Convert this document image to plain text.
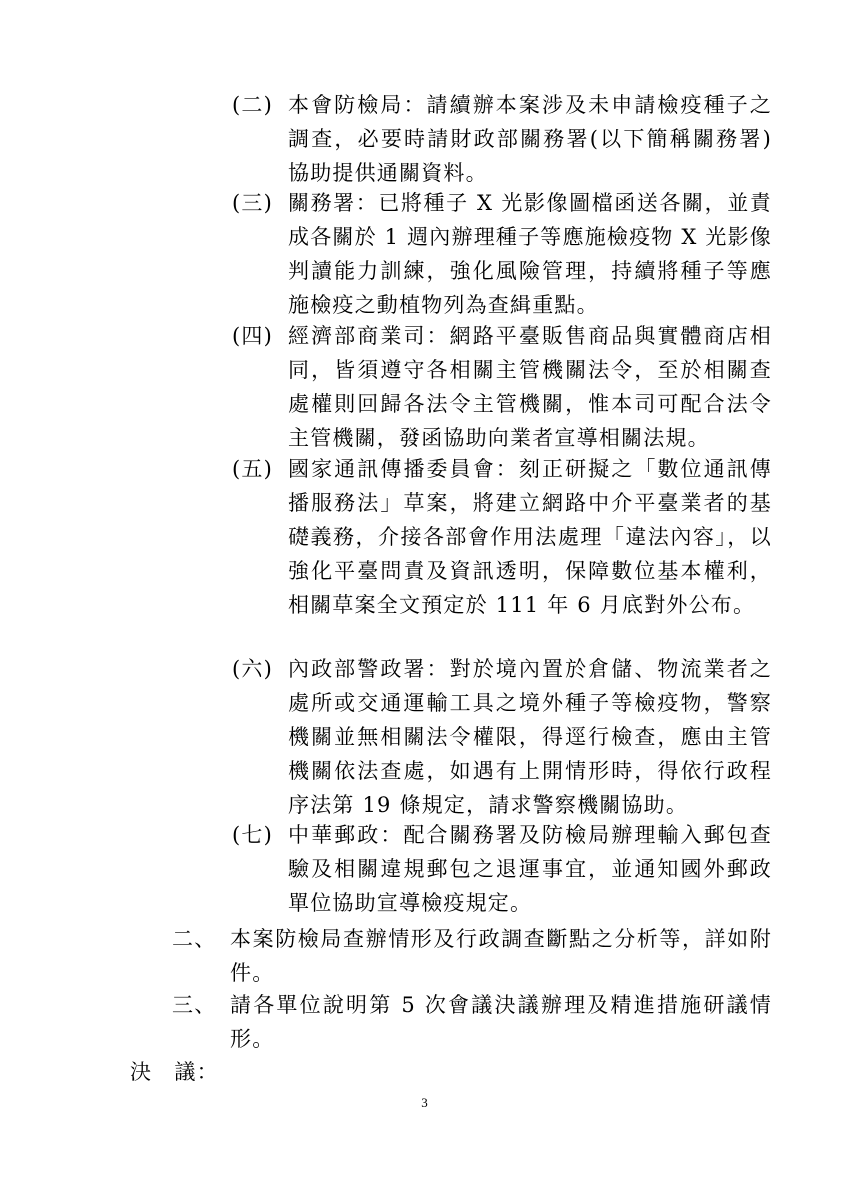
(二) 本會防檢局：請續辦本案涉及未申請檢疫種子之調查，必要時請財政部關務署(以下簡稱關務署)協助提供通關資料。
(三) 關務署：已將種子 X 光影像圖檔函送各關，並責成各關於 1 週內辦理種子等應施檢疫物 X 光影像判讀能力訓練，強化風險管理，持續將種子等應施檢疫之動植物列為查緝重點。
(四) 經濟部商業司：網路平臺販售商品與實體商店相同，皆須遵守各相關主管機關法令，至於相關查處權則回歸各法令主管機關，惟本司可配合法令主管機關，發函協助向業者宣導相關法規。
(五) 國家通訊傳播委員會：刻正研擬之「數位通訊傳播服務法」草案，將建立網路中介平臺業者的基礎義務，介接各部會作用法處理「違法內容」，以強化平臺問責及資訊透明，保障數位基本權利，相關草案全文預定於 111 年 6 月底對外公布。
(六) 內政部警政署：對於境內置於倉儲、物流業者之處所或交通運輸工具之境外種子等檢疫物，警察機關並無相關法令權限，得逕行檢查，應由主管機關依法查處，如遇有上開情形時，得依行政程序法第 19 條規定，請求警察機關協助。
(七) 中華郵政：配合關務署及防檢局辦理輸入郵包查驗及相關違規郵包之退運事宜，並通知國外郵政單位協助宣導檢疫規定。
二、 本案防檢局查辦情形及行政調查斷點之分析等，詳如附件。
三、 請各單位說明第 5 次會議決議辦理及精進措施研議情形。
決　議：
3
